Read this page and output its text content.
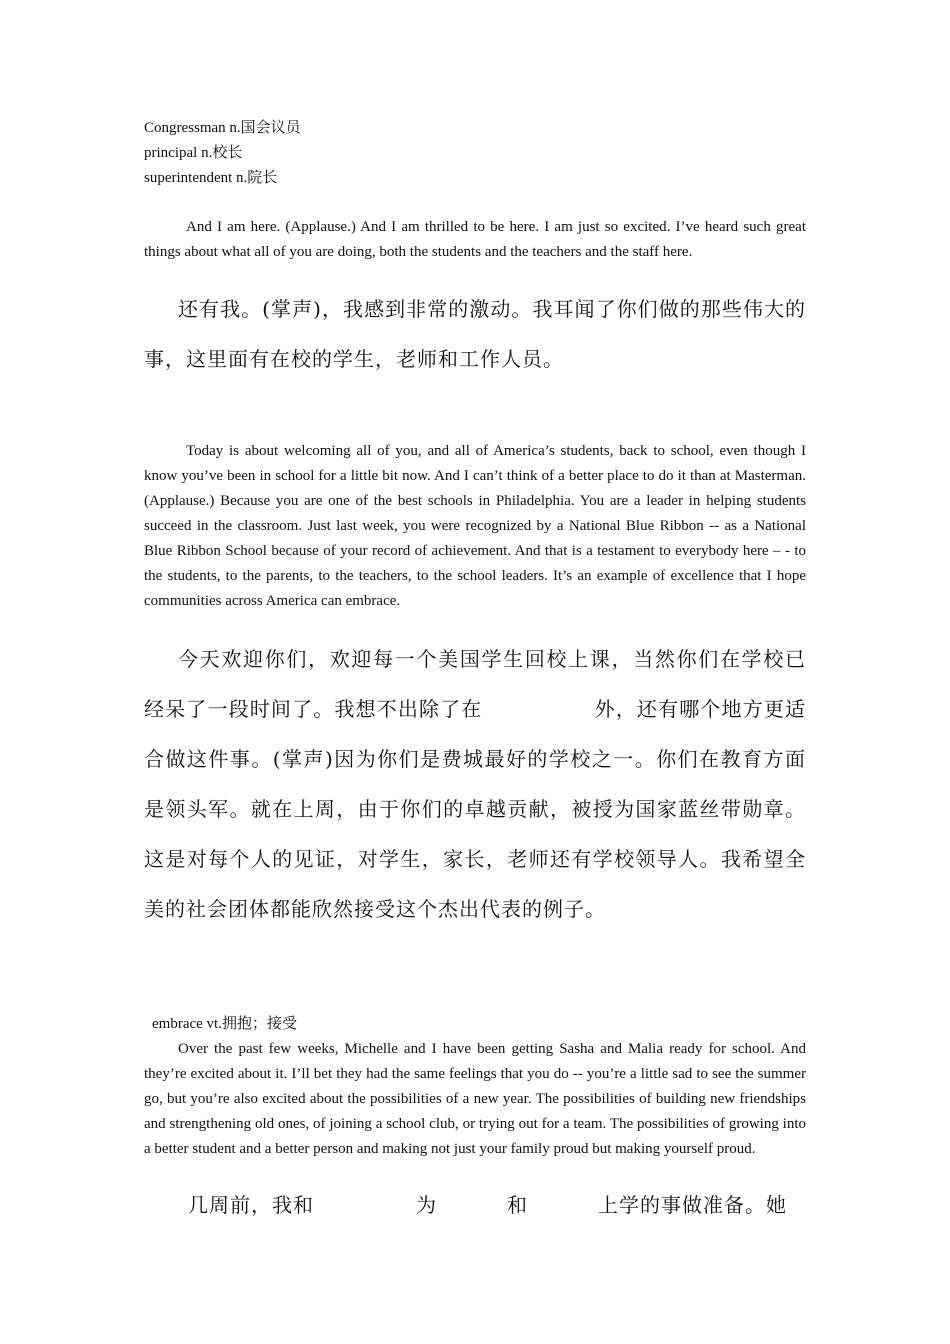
Congressman n.国会议员
principal n.校长
superintendent n.院长

And I am here. (Applause.) And I am thrilled to be here. I am just so excited. I’ve heard such great things about what all of you are doing, both the students and the teachers and the staff here.

还有我。(掌声)，我感到非常的激动。我耳闻了你们做的那些伟大的事，这里面有在校的学生，老师和工作人员。

Today is about welcoming all of you, and all of America’s students, back to school, even though I know you’ve been in school for a little bit now. And I can’t think of a better place to do it than at Masterman. (Applause.) Because you are one of the best schools in Philadelphia. You are a leader in helping students succeed in the classroom. Just last week, you were recognized by a National Blue Ribbon -- as a National Blue Ribbon School because of your record of achievement. And that is a testament to everybody here – - to the students, to the parents, to the teachers, to the school leaders. It’s an example of excellence that I hope communities across America can embrace.

今天欢迎你们，欢迎每一个美国学生回校上课，当然你们在学校已经呆了一段时间了。我想不出除了在	外，还有哪个地方更适合做这件事。(掌声)因为你们是费城最好的学校之一。你们在教育方面是领头军。就在上周，由于你们的卓越贡献，被授为国家蓝丝带勋章。这是对每个人的见证，对学生，家长，老师还有学校领导人。我希望全美的社会团体都能欣然接受这个杰出代表的例子。

embrace vt.拥抱；接受

Over the past few weeks, Michelle and I have been getting Sasha and Malia ready for school. And they’re excited about it. I’ll bet they had the same feelings that you do -- you’re a little sad to see the summer go, but you’re also excited about the possibilities of a new year. The possibilities of building new friendships and strengthening old ones, of joining a school club, or trying out for a team. The possibilities of growing into a better student and a better person and making not just your family proud but making yourself proud.

几周前，我和	为	和	上学的事做准备。她
